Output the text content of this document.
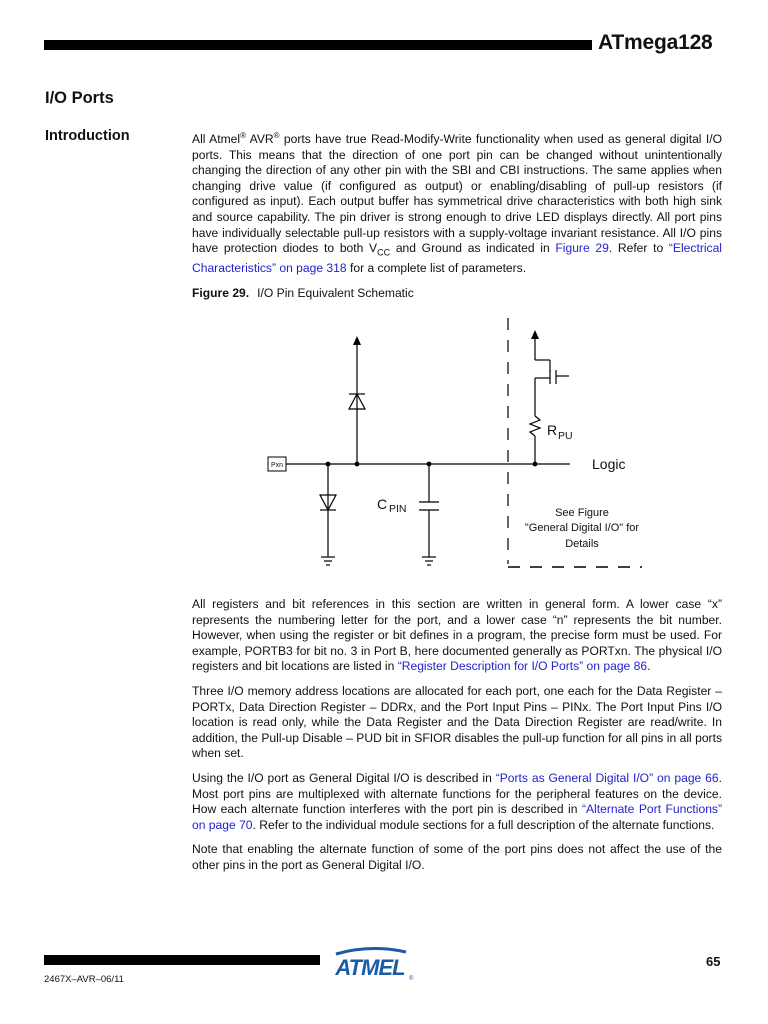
ATmega128
I/O Ports
Introduction	All Atmel® AVR® ports have true Read-Modify-Write functionality when used as general digital I/O ports. This means that the direction of one port pin can be changed without unintentionally changing the direction of any other pin with the SBI and CBI instructions. The same applies when changing drive value (if configured as output) or enabling/disabling of pull-up resistors (if configured as input). Each output buffer has symmetrical drive characteristics with both high sink and source capability. The pin driver is strong enough to drive LED displays directly. All port pins have individually selectable pull-up resistors with a supply-voltage invariant resistance. All I/O pins have protection diodes to both $V_{CC}$ and Ground as indicated in Figure 29. Refer to “Electrical Characteristics” on page 318 for a complete list of parameters.

Figure 29. I/O Pin Equivalent Schematic
Pxn
C PIN
R PU
Logic
See Figure
"General Digital I/O" for
Details

All registers and bit references in this section are written in general form. A lower case “x” represents the numbering letter for the port, and a lower case “n” represents the bit number. However, when using the register or bit defines in a program, the precise form must be used. For example, PORTB3 for bit no. 3 in Port B, here documented generally as PORTxn. The physical I/O registers and bit locations are listed in “Register Description for I/O Ports” on page 86.

Three I/O memory address locations are allocated for each port, one each for the Data Register – PORTx, Data Direction Register – DDRx, and the Port Input Pins – PINx. The Port Input Pins I/O location is read only, while the Data Register and the Data Direction Register are read/write. In addition, the Pull-up Disable – PUD bit in SFIOR disables the pull-up function for all pins in all ports when set.

Using the I/O port as General Digital I/O is described in “Ports as General Digital I/O” on page 66. Most port pins are multiplexed with alternate functions for the peripheral features on the device. How each alternate function interferes with the port pin is described in “Alternate Port Functions” on page 70. Refer to the individual module sections for a full description of the alternate functions.

Note that enabling the alternate function of some of the port pins does not affect the use of the other pins in the port as General Digital I/O.

ATMEL ®
2467X–AVR–06/11
65
